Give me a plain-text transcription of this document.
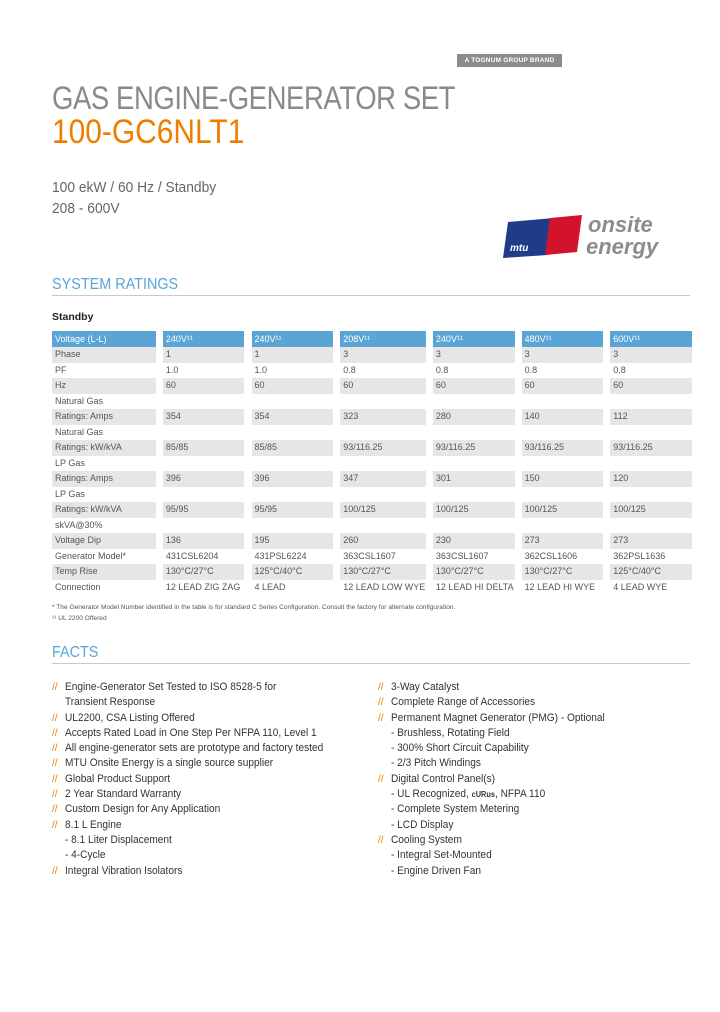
A TOGNUM GROUP BRAND
GAS ENGINE-GENERATOR SET
100-GC6NLT1
100 ekW / 60 Hz / Standby
208 - 600V
mtu
onsite
energy
SYSTEM RATINGS
Standby
Voltage (L-L)		240V¹¹		240V¹¹		208V¹¹		240V¹¹		480V¹¹		600V¹¹
Phase		1		1		3		3		3		3
PF		1.0		1.0		0.8		0.8		0.8		0.8
Hz		60		60		60		60		60		60
Natural Gas												
Ratings: Amps		354		354		323		280		140		112
Natural Gas												
Ratings: kW/kVA		85/85		85/85		93/116.25		93/116.25		93/116.25		93/116.25
LP Gas												
Ratings: Amps		396		396		347		301		150		120
LP Gas												
Ratings: kW/kVA		95/95		95/95		100/125		100/125		100/125		100/125
skVA@30%												
Voltage Dip		136		195		260		230		273		273
Generator Model*		431CSL6204		431PSL6224		363CSL1607		363CSL1607		362CSL1606		362PSL1636
Temp Rise		130°C/27°C		125°C/40°C		130°C/27°C		130°C/27°C		130°C/27°C		125°C/40°C
Connection		12 LEAD ZIG ZAG		4 LEAD		12 LEAD LOW WYE		12 LEAD HI DELTA		12 LEAD HI WYE		4 LEAD WYE
* The Generator Model Number identified in the table is for standard C Series Configuration. Consult the factory for alternate configuration.
¹¹ UL 2200 Offered
FACTS
// Engine-Generator Set Tested to ISO 8528-5 for
Transient Response
// UL2200, CSA Listing Offered
// Accepts Rated Load in One Step Per NFPA 110, Level 1
// All engine-generator sets are prototype and factory tested
// MTU Onsite Energy is a single source supplier
// Global Product Support
// 2 Year Standard Warranty
// Custom Design for Any Application
// 8.1 L Engine
- 8.1 Liter Displacement
- 4-Cycle
// Integral Vibration Isolators
// 3-Way Catalyst
// Complete Range of Accessories
// Permanent Magnet Generator (PMG) - Optional
- Brushless, Rotating Field
- 300% Short Circuit Capability
- 2/3 Pitch Windings
// Digital Control Panel(s)
- UL Recognized, $^{cURus}$, NFPA 110
- Complete System Metering
- LCD Display
// Cooling System
- Integral Set-Mounted
- Engine Driven Fan
